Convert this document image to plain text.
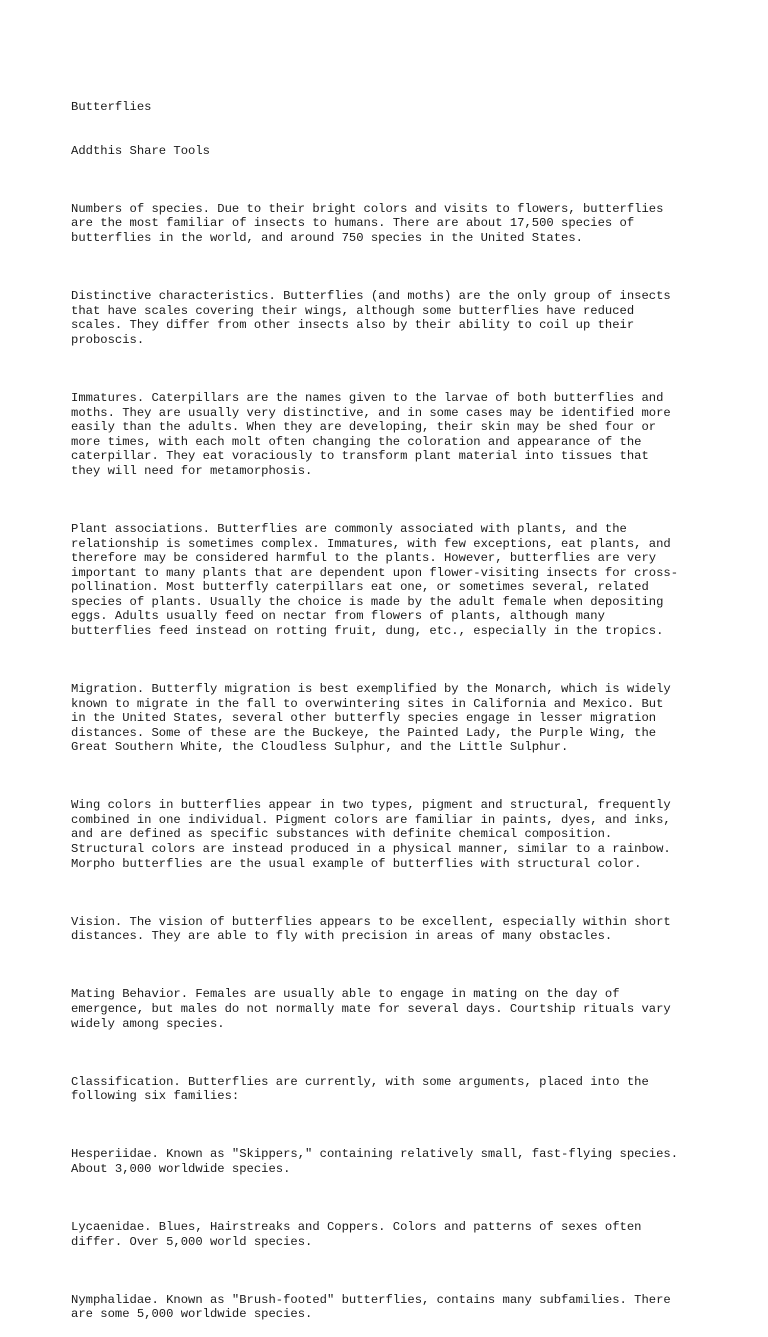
Butterflies

Addthis Share Tools

Numbers of species. Due to their bright colors and visits to flowers, butterflies
are the most familiar of insects to humans. There are about 17,500 species of
butterflies in the world, and around 750 species in the United States.

Distinctive characteristics. Butterflies (and moths) are the only group of insects
that have scales covering their wings, although some butterflies have reduced
scales. They differ from other insects also by their ability to coil up their
proboscis.

Immatures. Caterpillars are the names given to the larvae of both butterflies and
moths. They are usually very distinctive, and in some cases may be identified more
easily than the adults. When they are developing, their skin may be shed four or
more times, with each molt often changing the coloration and appearance of the
caterpillar. They eat voraciously to transform plant material into tissues that
they will need for metamorphosis.

Plant associations. Butterflies are commonly associated with plants, and the
relationship is sometimes complex. Immatures, with few exceptions, eat plants, and
therefore may be considered harmful to the plants. However, butterflies are very
important to many plants that are dependent upon flower-visiting insects for cross-
pollination. Most butterfly caterpillars eat one, or sometimes several, related
species of plants. Usually the choice is made by the adult female when depositing
eggs. Adults usually feed on nectar from flowers of plants, although many
butterflies feed instead on rotting fruit, dung, etc., especially in the tropics.

Migration. Butterfly migration is best exemplified by the Monarch, which is widely
known to migrate in the fall to overwintering sites in California and Mexico. But
in the United States, several other butterfly species engage in lesser migration
distances. Some of these are the Buckeye, the Painted Lady, the Purple Wing, the
Great Southern White, the Cloudless Sulphur, and the Little Sulphur.

Wing colors in butterflies appear in two types, pigment and structural, frequently
combined in one individual. Pigment colors are familiar in paints, dyes, and inks,
and are defined as specific substances with definite chemical composition.
Structural colors are instead produced in a physical manner, similar to a rainbow.
Morpho butterflies are the usual example of butterflies with structural color.

Vision. The vision of butterflies appears to be excellent, especially within short
distances. They are able to fly with precision in areas of many obstacles.

Mating Behavior. Females are usually able to engage in mating on the day of
emergence, but males do not normally mate for several days. Courtship rituals vary
widely among species.

Classification. Butterflies are currently, with some arguments, placed into the
following six families:

Hesperiidae. Known as "Skippers," containing relatively small, fast-flying species.
About 3,000 worldwide species.

Lycaenidae. Blues, Hairstreaks and Coppers. Colors and patterns of sexes often
differ. Over 5,000 world species.

Nymphalidae. Known as "Brush-footed" butterflies, contains many subfamilies. There
are some 5,000 worldwide species.
